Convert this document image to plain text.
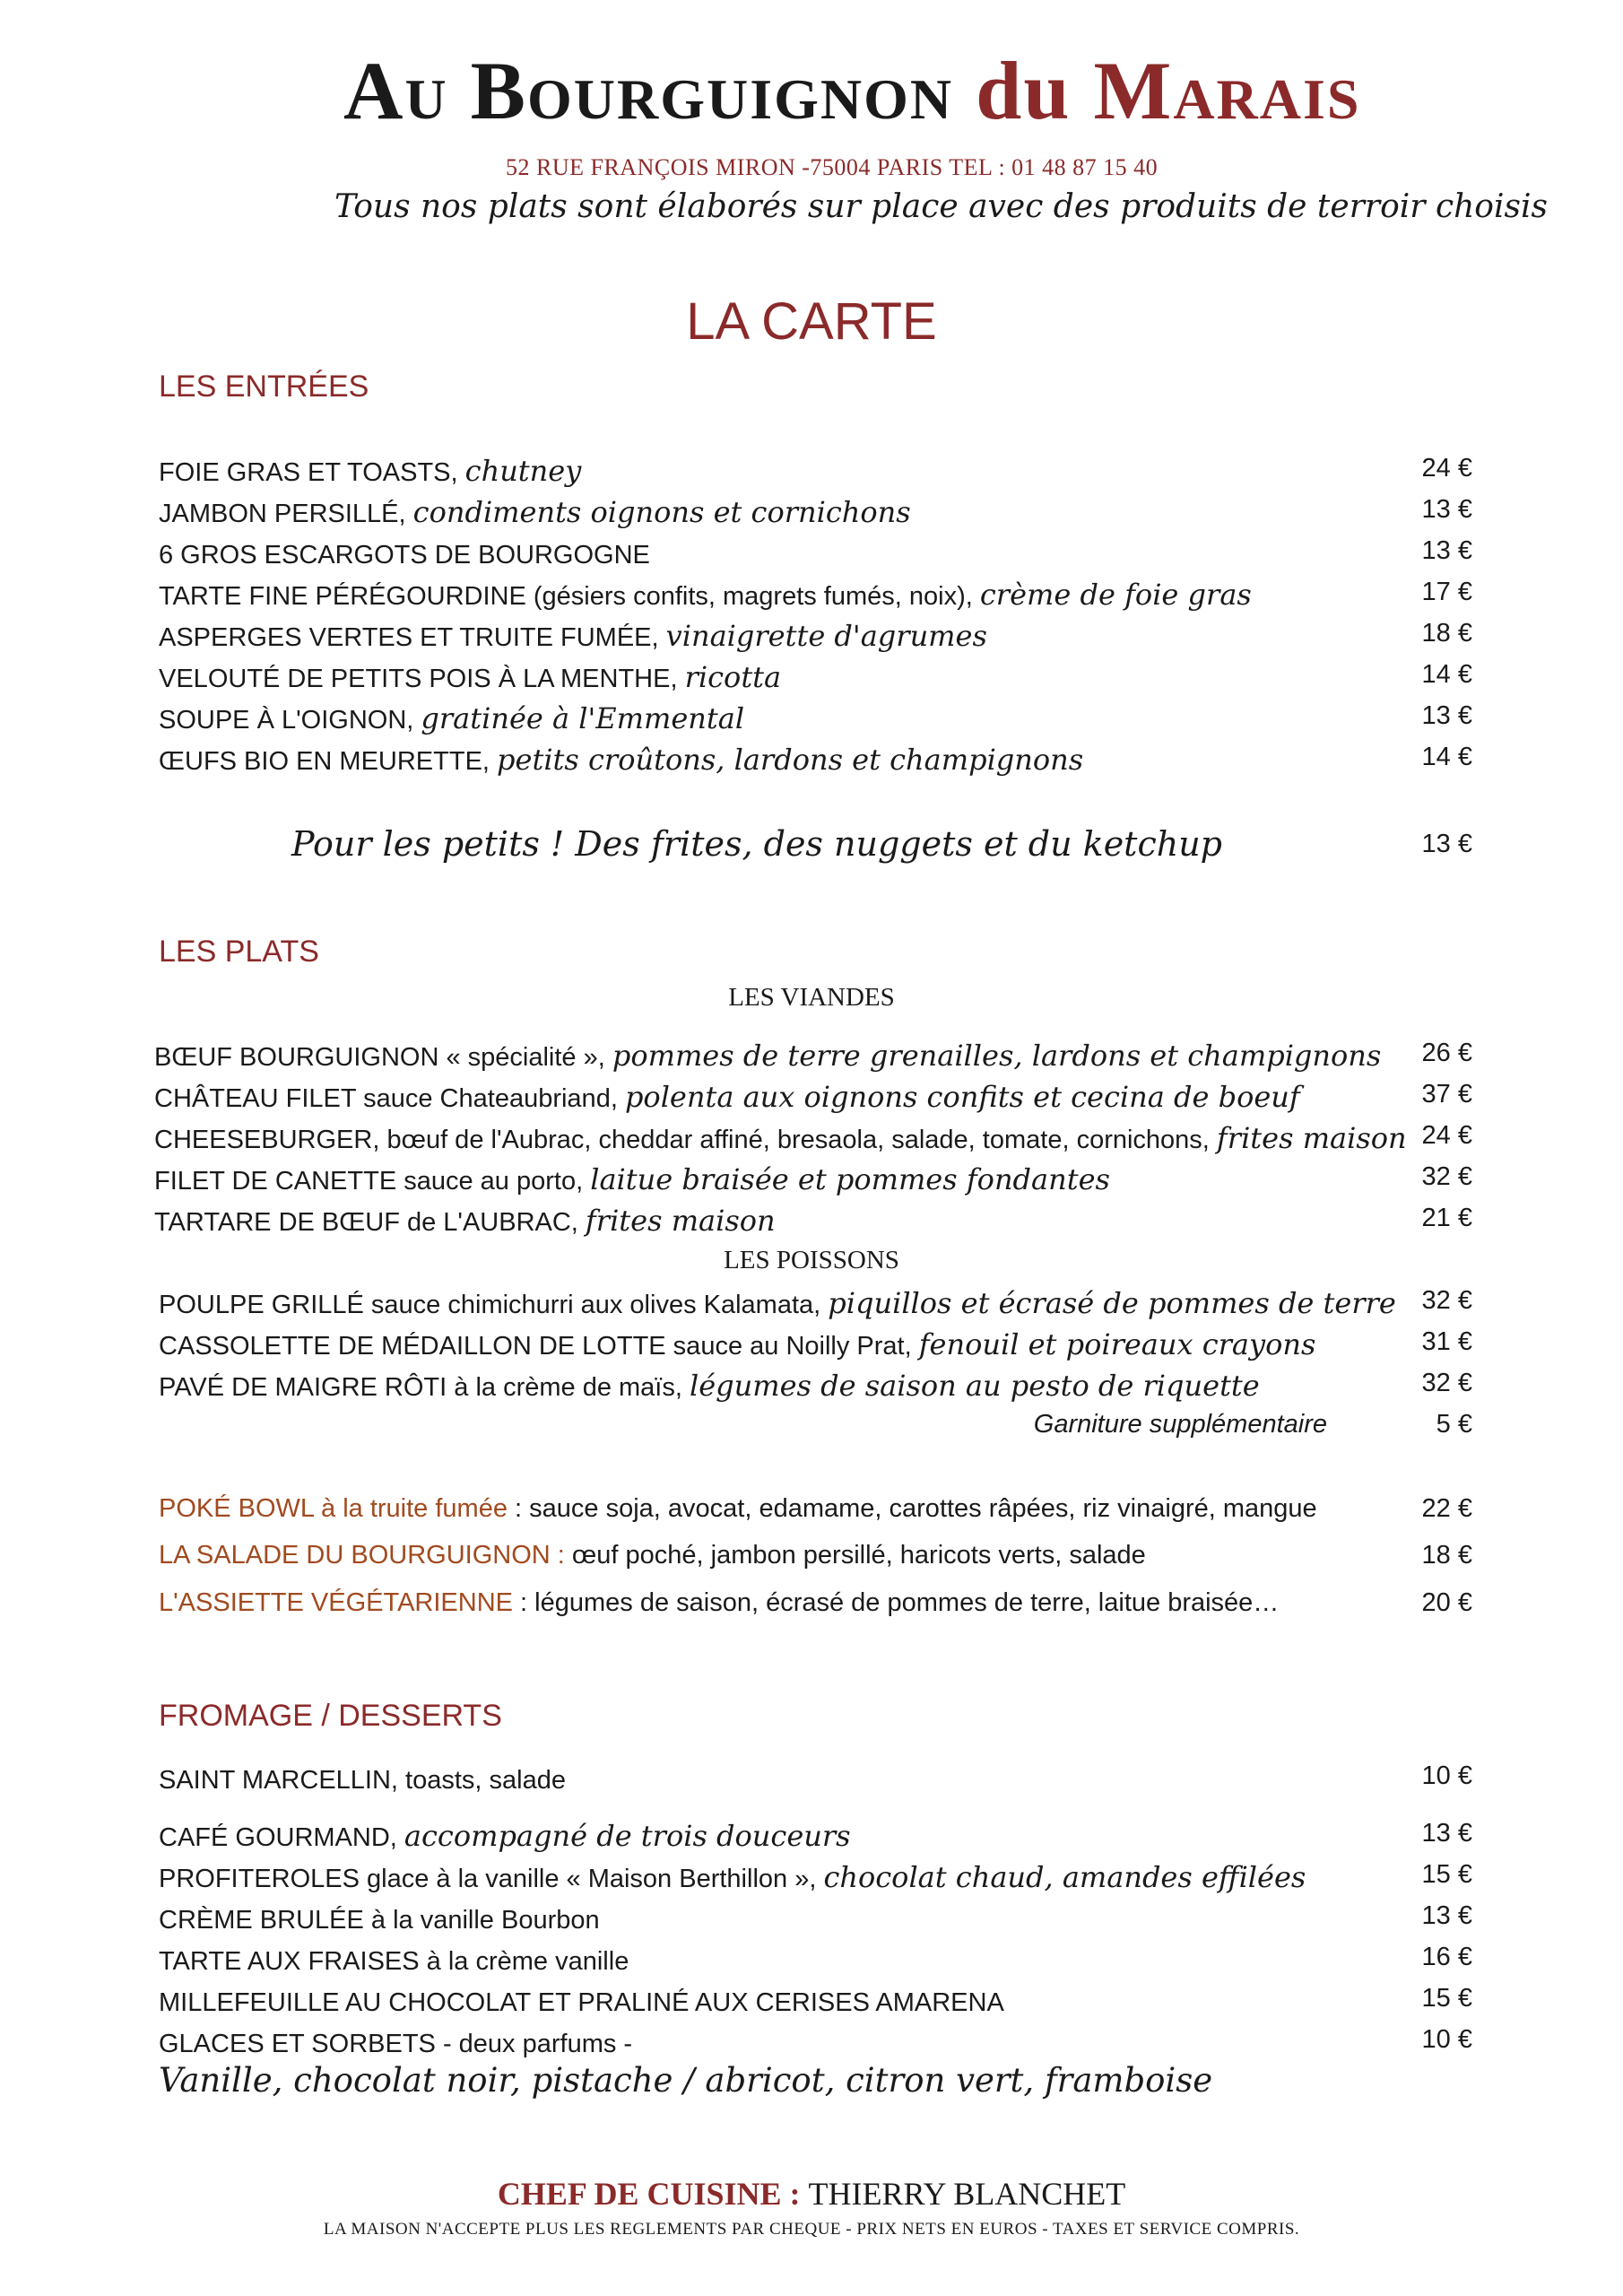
Au Bourguignon du Marais
52 RUE FRANÇOIS MIRON -75004 PARIS TEL : 01 48 87 15 40
Tous nos plats sont élaborés sur place avec des produits de terroir choisis
LA CARTE
LES ENTRÉES
FOIE GRAS ET TOASTS, chutney	24 €
JAMBON PERSILLÉ, condiments oignons et cornichons	13 €
6 GROS ESCARGOTS DE BOURGOGNE	13 €
TARTE FINE PÉRÉGOURDINE (gésiers confits, magrets fumés, noix), crème de foie gras	17 €
ASPERGES VERTES ET TRUITE FUMÉE, vinaigrette d'agrumes	18 €
VELOUTÉ DE PETITS POIS À LA MENTHE, ricotta	14 €
SOUPE À L'OIGNON, gratinée à l'Emmental	13 €
ŒUFS BIO EN MEURETTE, petits croûtons, lardons et champignons	14 €
Pour les petits ! Des frites, des nuggets et du ketchup	13 €
LES PLATS
LES VIANDES
BŒUF BOURGUIGNON « spécialité », pommes de terre grenailles, lardons et champignons 26 €
CHÂTEAU FILET sauce Chateaubriand, polenta aux oignons confits et cecina de boeuf	37 €
CHEESEBURGER, bœuf de l'Aubrac, cheddar affiné, bresaola, salade, tomate, cornichons, frites maison 24 €
FILET DE CANETTE sauce au porto, laitue braisée et pommes fondantes	32 €
TARTARE DE BŒUF de L'AUBRAC, frites maison	21 €
LES POISSONS
POULPE GRILLÉ sauce chimichurri aux olives Kalamata, piquillos et écrasé de pommes de terre 32 €
CASSOLETTE DE MÉDAILLON DE LOTTE sauce au Noilly Prat, fenouil et poireaux crayons	31 €
PAVÉ DE MAIGRE RÔTI à la crème de maïs, légumes de saison au pesto de riquette	32 €
Garniture supplémentaire	5 €
POKÉ BOWL à la truite fumée : sauce soja, avocat, edamame, carottes râpées, riz vinaigré, mangue	22 €
LA SALADE DU BOURGUIGNON : œuf poché, jambon persillé, haricots verts, salade	18 €
L'ASSIETTE VÉGÉTARIENNE : légumes de saison, écrasé de pommes de terre, laitue braisée…	20 €
FROMAGE / DESSERTS
SAINT MARCELLIN, toasts, salade	10 €
CAFÉ GOURMAND, accompagné de trois douceurs	13 €
PROFITEROLES glace à la vanille « Maison Berthillon », chocolat chaud, amandes effilées	15 €
CRÈME BRULÉE à la vanille Bourbon	13 €
TARTE AUX FRAISES à la crème vanille	16 €
MILLEFEUILLE AU CHOCOLAT ET PRALINÉ AUX CERISES AMARENA	15 €
GLACES ET SORBETS - deux parfums -	10 €
Vanille, chocolat noir, pistache / abricot, citron vert, framboise
CHEF DE CUISINE : THIERRY BLANCHET
LA MAISON N'ACCEPTE PLUS LES REGLEMENTS PAR CHEQUE - PRIX NETS EN EUROS - TAXES ET SERVICE COMPRIS.
